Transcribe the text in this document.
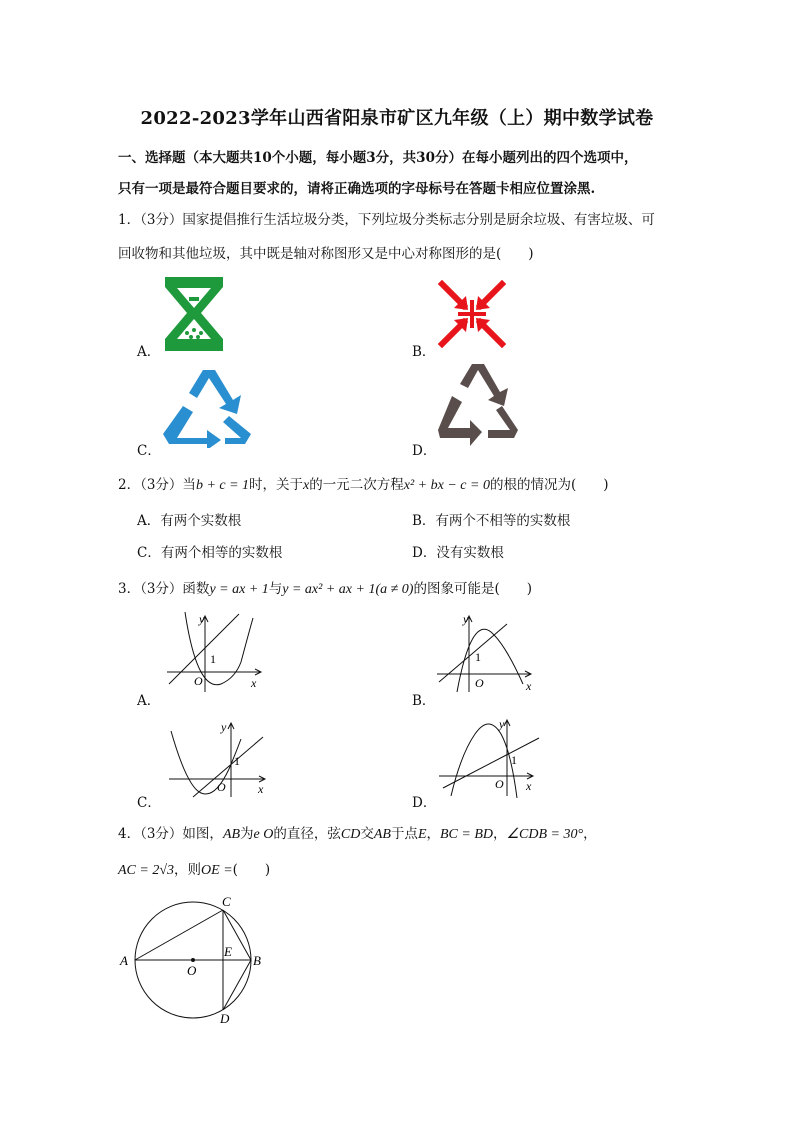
2022-2023学年山西省阳泉市矿区九年级（上）期中数学试卷
一、选择题（本大题共10个小题，每小题3分，共30分）在每小题列出的四个选项中，
只有一项是最符合题目要求的，请将正确选项的字母标号在答题卡相应位置涂黑.
1．（3分）国家提倡推行生活垃圾分类，下列垃圾分类标志分别是厨余垃圾、有害垃圾、可
回收物和其他垃圾，其中既是轴对称图形又是中心对称图形的是(　　)
A．	B．
C．	D．
2．（3分）当b + c = 1时，关于x的一元二次方程x² + bx − c = 0的根的情况为(　　)
A．有两个实数根	B．有两个不相等的实数根
C．有两个相等的实数根	D．没有实数根
3．（3分）函数y = ax + 1与y = ax² + ax + 1(a ≠ 0)的图象可能是(　　)
A．	B．
C．	D．
y
x
O
1
y
x
O
1
y
x
O
1
y
x
O
1
4．（3分）如图，AB为e O的直径，弦CD交AB于点E，BC = BD，∠CDB = 30°，
AC = 2√3，则OE =(　　)
A	B
C
D
E
O
